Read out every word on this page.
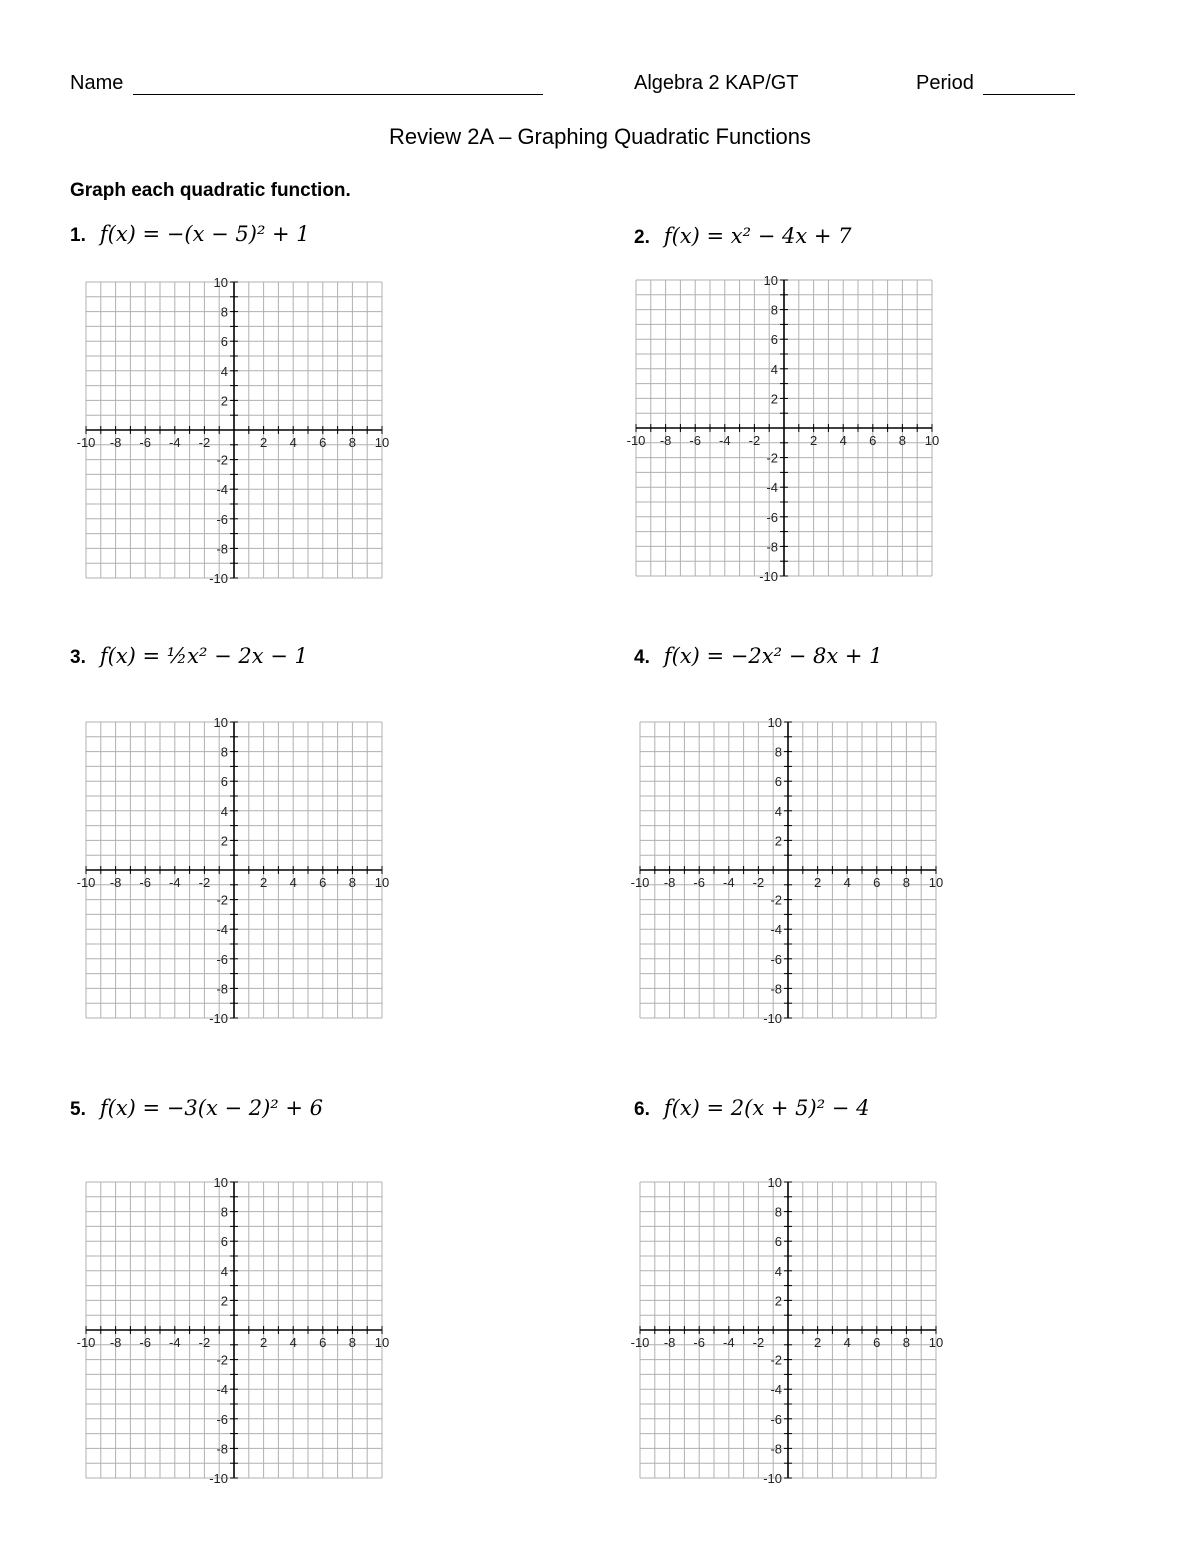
Name	Algebra 2 KAP/GT	Period
Review 2A – Graphing Quadratic Functions
Graph each quadratic function.
1. f(x) = −(x − 5)² + 1	2. f(x) = x² − 4x + 7
3. f(x) = ½x² − 2x − 1	4. f(x) = −2x² − 8x + 1
5. f(x) = −3(x − 2)² + 6	6. f(x) = 2(x + 5)² − 4
-10 -8 -6 -4 -2	2 4 6 8 10
10
8
6
4
2
-2
-4
-6
-8
-10
-10 -8 -6 -4 -2	2 4 6 8 10
10
8
6
4
2
-2
-4
-6
-8
-10
-10 -8 -6 -4 -2	2 4 6 8 10
10
8
6
4
2
-2
-4
-6
-8
-10
-10 -8 -6 -4 -2	2 4 6 8 10
10
8
6
4
2
-2
-4
-6
-8
-10
-10 -8 -6 -4 -2	2 4 6 8 10
10
8
6
4
2
-2
-4
-6
-8
-10
-10 -8 -6 -4 -2	2 4 6 8 10
10
8
6
4
2
-2
-4
-6
-8
-10
